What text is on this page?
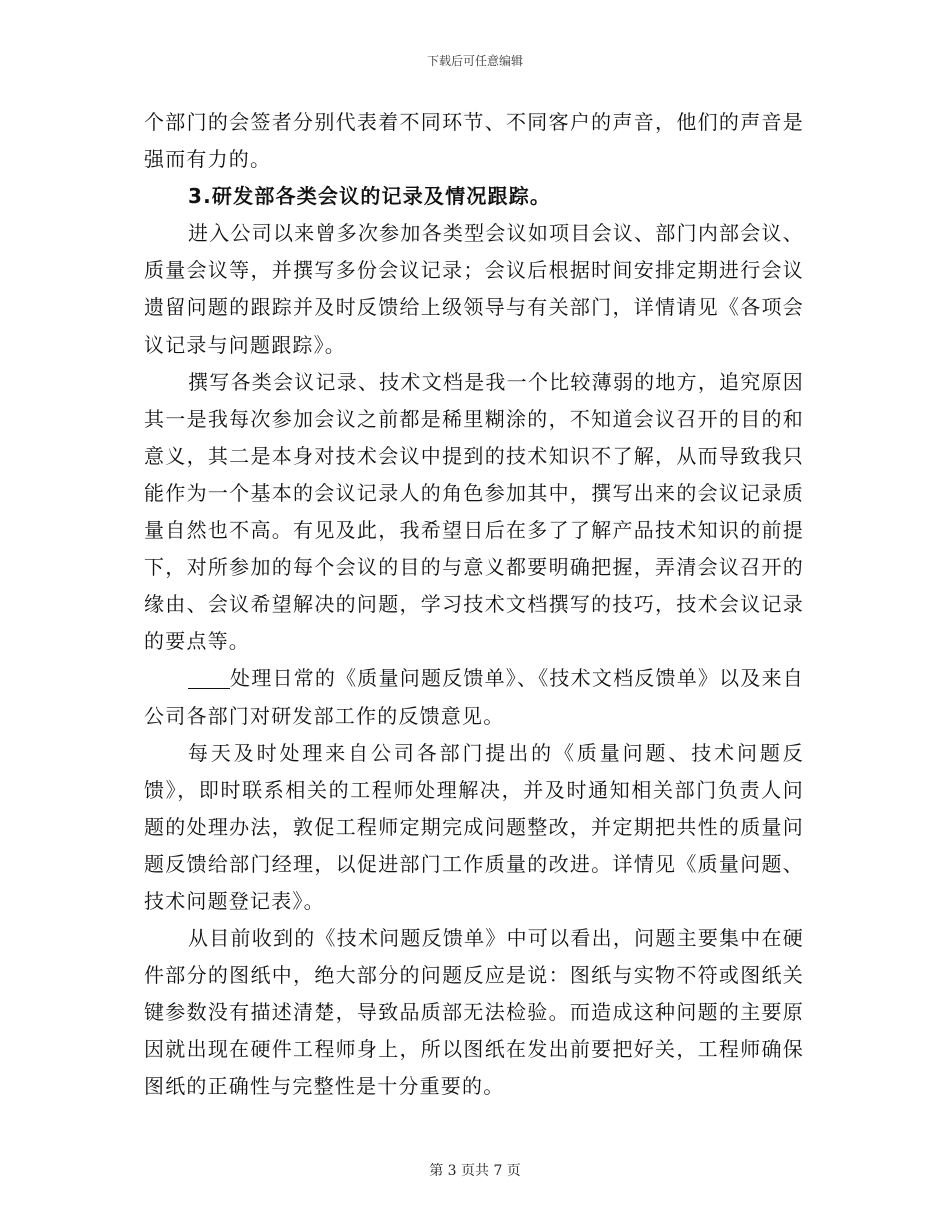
下载后可任意编辑

个部门的会签者分别代表着不同环节、不同客户的声音，他们的声音是强而有力的。

3.研发部各类会议的记录及情况跟踪。

进入公司以来曾多次参加各类型会议如项目会议、部门内部会议、质量会议等，并撰写多份会议记录；会议后根据时间安排定期进行会议遗留问题的跟踪并及时反馈给上级领导与有关部门，详情请见《各项会议记录与问题跟踪》。

撰写各类会议记录、技术文档是我一个比较薄弱的地方，追究原因其一是我每次参加会议之前都是稀里糊涂的，不知道会议召开的目的和意义，其二是本身对技术会议中提到的技术知识不了解，从而导致我只能作为一个基本的会议记录人的角色参加其中，撰写出来的会议记录质量自然也不高。有见及此，我希望日后在多了了解产品技术知识的前提下，对所参加的每个会议的目的与意义都要明确把握，弄清会议召开的缘由、会议希望解决的问题，学习技术文档撰写的技巧，技术会议记录的要点等。

处理日常的《质量问题反馈单》、《技术文档反馈单》以及来自公司各部门对研发部工作的反馈意见。

每天及时处理来自公司各部门提出的《质量问题、技术问题反馈》，即时联系相关的工程师处理解决，并及时通知相关部门负责人问题的处理办法，敦促工程师定期完成问题整改，并定期把共性的质量问题反馈给部门经理，以促进部门工作质量的改进。详情见《质量问题、技术问题登记表》。

从目前收到的《技术问题反馈单》中可以看出，问题主要集中在硬件部分的图纸中，绝大部分的问题反应是说：图纸与实物不符或图纸关键参数没有描述清楚，导致品质部无法检验。而造成这种问题的主要原因就出现在硬件工程师身上，所以图纸在发出前要把好关，工程师确保图纸的正确性与完整性是十分重要的。

第 3 页共 7 页
